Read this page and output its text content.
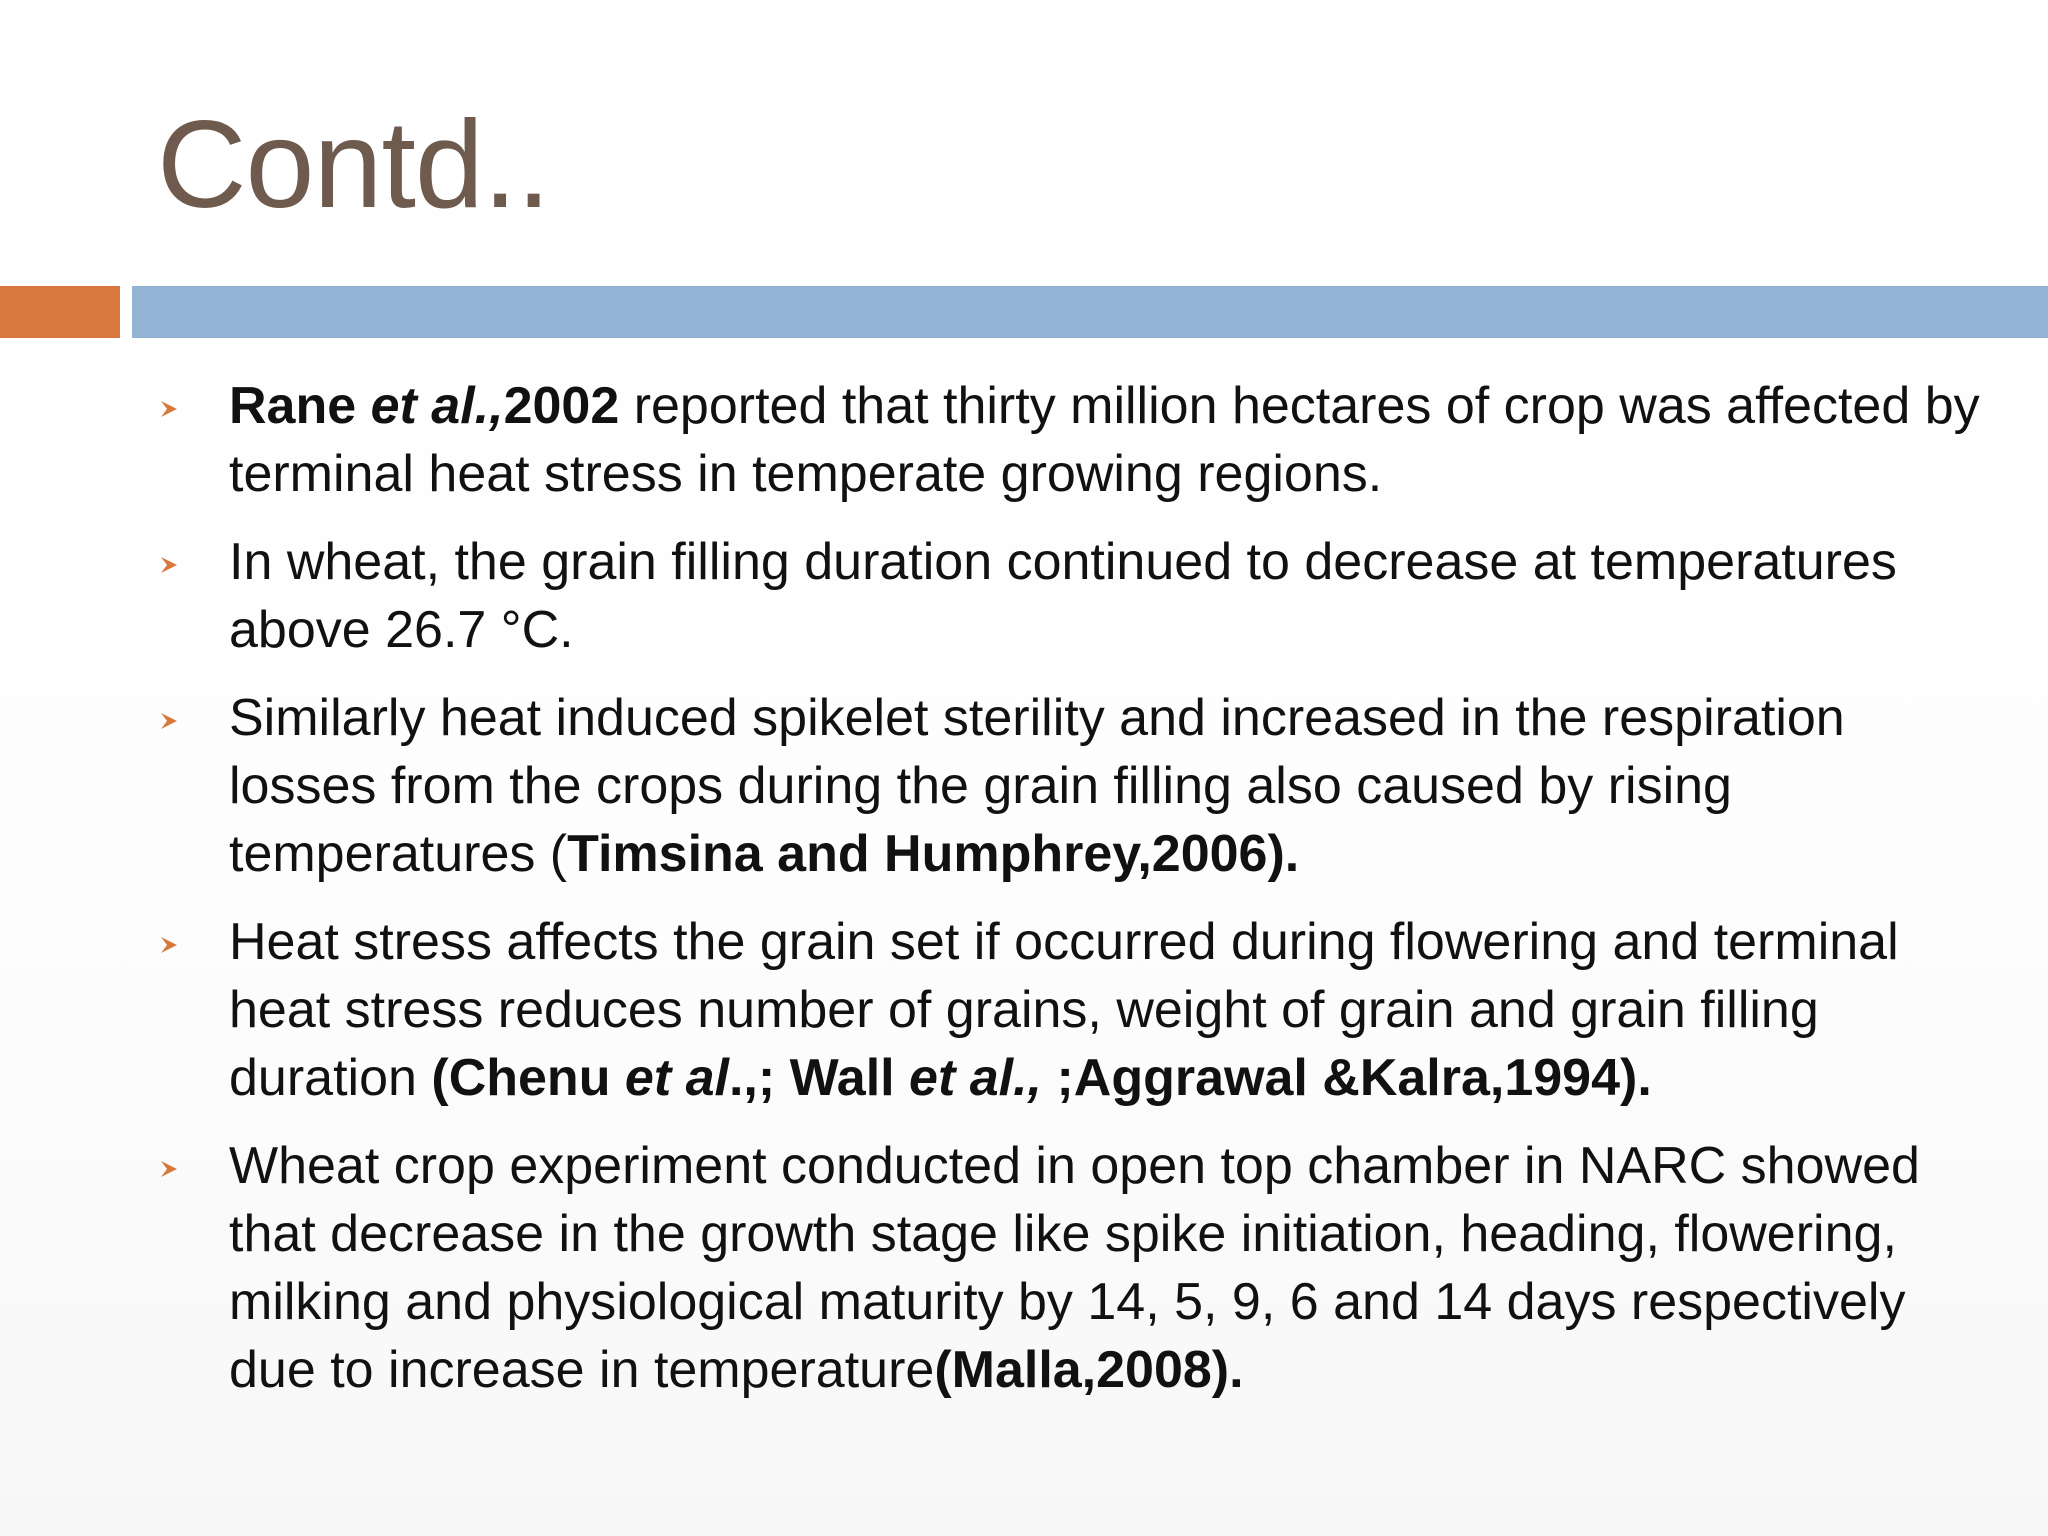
Contd..
Rane et al.,2002 reported that thirty million hectares of crop was affected by terminal heat stress in temperate growing regions.
In wheat, the grain filling duration continued to decrease at temperatures above 26.7 °C.
Similarly heat induced spikelet sterility and increased in the respiration losses from the crops during the grain filling also caused by rising temperatures (Timsina and Humphrey,2006).
Heat stress affects the grain set if occurred during flowering and terminal heat stress reduces number of grains, weight of grain and grain filling duration (Chenu et al.,; Wall et al., ;Aggrawal &Kalra,1994).
Wheat crop experiment conducted in open top chamber in NARC showed that decrease in the growth stage like spike initiation, heading, flowering, milking and physiological maturity by 14, 5, 9, 6 and 14 days respectively due to increase in temperature(Malla,2008).
